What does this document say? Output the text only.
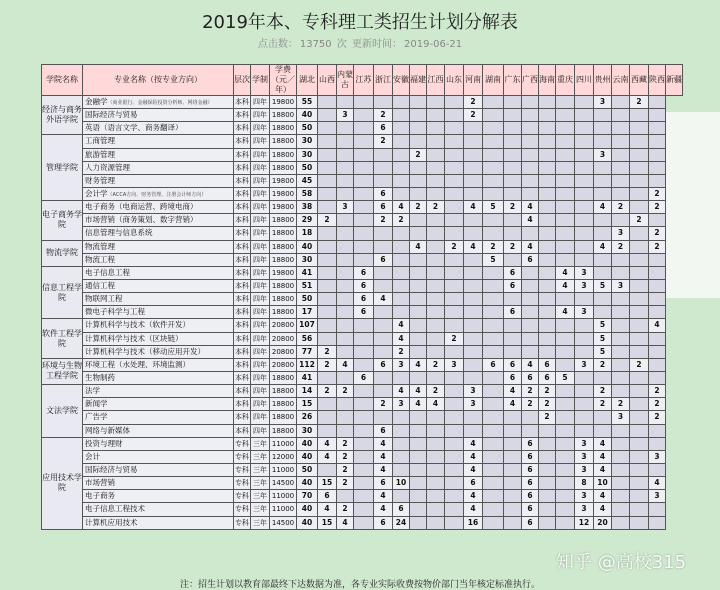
2019年本、专科理工类招生计划分解表
点击数： 13750 次 更新时间： 2019-06-21
学院名称	专业名称（按专业方向）	层次	学制	学费（元／年）	湖北	山西	内蒙古	江苏	浙江	安徽	福建	江西	山东	河南	湖南	广东	广西	海南	重庆	四川	贵州	云南	西藏	陕西	新疆
经济与商务外语学院	金融学（商业银行、金融保险投资分析师、网络金融）	本科	四年	19800	55									2							3		2		
	国际经济与贸易	本科	四年	18800	40		3		2					2											
	英语（语言文学、商务翻译）	本科	四年	18800	50				6																
管理学院	工商管理	本科	四年	18800	30				2																
	旅游管理	本科	四年	18800	30						2										3				
	人力资源管理	本科	四年	18800	50																				
	财务管理	本科	四年	19800	45																				
	会计学（ACCA方向、财务管理、注册会计师方向）	本科	四年	19800	58				6															2	
电子商务学院	电子商务（电商运营、跨境电商）	本科	四年	19800	38		3		6	4	2	2		4	5	2	4				4	2		2	
	市场营销（商务策划、数字营销）	本科	四年	18800	29	2			2	2							4						2		
	信息管理与信息系统	本科	四年	18800	18																	3		2	
物流学院	物流管理	本科	四年	18800	40						4		2	4	2	2	4				4	2		2	
	物流工程	本科	四年	18800	30				6						5		6								
信息工程学院	电子信息工程	本科	四年	19800	41			6								6			4	3					
	通信工程	本科	四年	18800	51			6								6			4	3	5	3			
	物联网工程	本科	四年	18800	50			6	4																
	微电子科学与工程	本科	四年	18800	17			6								6			4	3					
软件工程学院	计算机科学与技术（软件开发）	本科	四年	20800	107					4											5			4	
	计算机科学与技术（区块链）	本科	四年	20800	56					4			2								5				
	计算机科学与技术（移动应用开发）	本科	四年	20800	77	2				2											5				
环境与生物工程学院	环境工程（水处理、环境监测）	本科	四年	20800	112	2	4		6	3	4	2	3		6	6	4	6		3	2		2		
	生物制药	本科	四年	18800	41			6								6	6	6	5						
文法学院	法学	本科	四年	18800	14	2	2			4	4	2		3		4	2	2			2			2	
	新闻学	本科	四年	18800	15				2	3	4	4		3		4	2	2			2	2		2	
	广告学	本科	四年	18800	26													2				3		2	
	网络与新媒体	本科	四年	18800	30				6																
应用技术学院	投资与理财	专科	三年	11000	40	4	2		4					4			6			3	4				
	会计	专科	三年	12000	40	4	2		4					4			6			3	4			3	
	国际经济与贸易	专科	三年	11000	50		2		4					4			6			3	4				
	市场营销	专科	三年	14500	40	15	2		6	10				6			6			8	10			4	
	电子商务	专科	三年	11000	70	6			4					4			6			3	4			3	
	电子信息工程技术	专科	三年	11000	40	4	2		4	6				4			6			3	4				
	计算机应用技术	专科	三年	14500	40	15	4		6	24				16			6			12	20				
注：招生计划以教育部最终下达数据为准，各专业实际收费按物价部门当年核定标准执行。
知乎 @高校315
